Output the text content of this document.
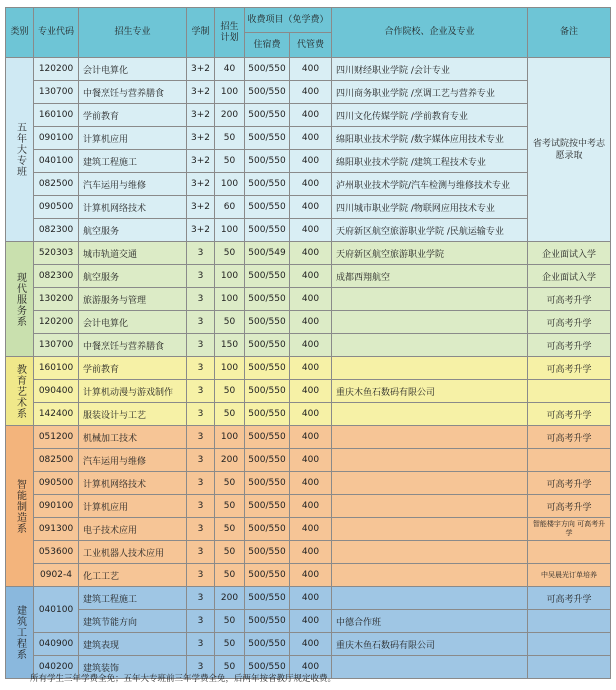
类别	专业代码	招生专业	学制	招生计划	收费项目（免学费）		合作院校、企业及专业	备注
					住宿费	代管费		
五年大专班	120200	会计电算化	3+2	40	500/550	400	四川财经职业学院 /会计专业	省考试院按中考志愿录取
	130700	中餐烹饪与营养膳食	3+2	100	500/550	400	四川商务职业学院 /烹调工艺与营养专业	
	160100	学前教育	3+2	200	500/550	400	四川文化传媒学院 /学前教育专业	
	090100	计算机应用	3+2	50	500/550	400	绵阳职业技术学院 /数字媒体应用技术专业	
	040100	建筑工程施工	3+2	50	500/550	400	绵阳职业技术学院 /建筑工程技术专业	
	082500	汽车运用与维修	3+2	100	500/550	400	泸州职业技术学院/汽车检测与维修技术专业	
	090500	计算机网络技术	3+2	60	500/550	400	四川城市职业学院 /物联网应用技术专业	
	082300	航空服务	3+2	100	500/550	400	天府新区航空旅游职业学院 /民航运输专业	
现代服务系	520303	城市轨道交通	3	50	500/549	400	天府新区航空旅游职业学院	企业面试入学
	082300	航空服务	3	100	500/550	400	成都西翔航空	企业面试入学
	130200	旅游服务与管理	3	100	500/550	400		可高考升学
	120200	会计电算化	3	50	500/550	400		可高考升学
	130700	中餐烹饪与营养膳食	3	150	500/550	400		可高考升学
教育艺术系	160100	学前教育	3	100	500/550	400		可高考升学
	090400	计算机动漫与游戏制作	3	50	500/550	400	重庆木鱼石数码有限公司	
	142400	服装设计与工艺	3	50	500/550	400		可高考升学
智能制造系	051200	机械加工技术	3	100	500/550	400		可高考升学
	082500	汽车运用与维修	3	200	500/550	400		
	090500	计算机网络技术	3	50	500/550	400		可高考升学
	090100	计算机应用	3	50	500/550	400		可高考升学
	091300	电子技术应用	3	50	500/550	400		智能楼宇方向 可高考升学
	053600	工业机器人技术应用	3	50	500/550	400		
	0902-4	化工工艺	3	50	500/550	400		中吴晨光订单培养
建筑工程系	040100	建筑工程施工	3	200	500/550	400		可高考升学
		建筑节能方向	3	50	500/550	400	中德合作班	
	040900	建筑表现	3	50	500/550	400	重庆木鱼石数码有限公司	
	040200	建筑装饰	3	50	500/550	400		
所有学生三年学费全免；五年大专班前三年学费全免，后两年按省教厅规定收费。
